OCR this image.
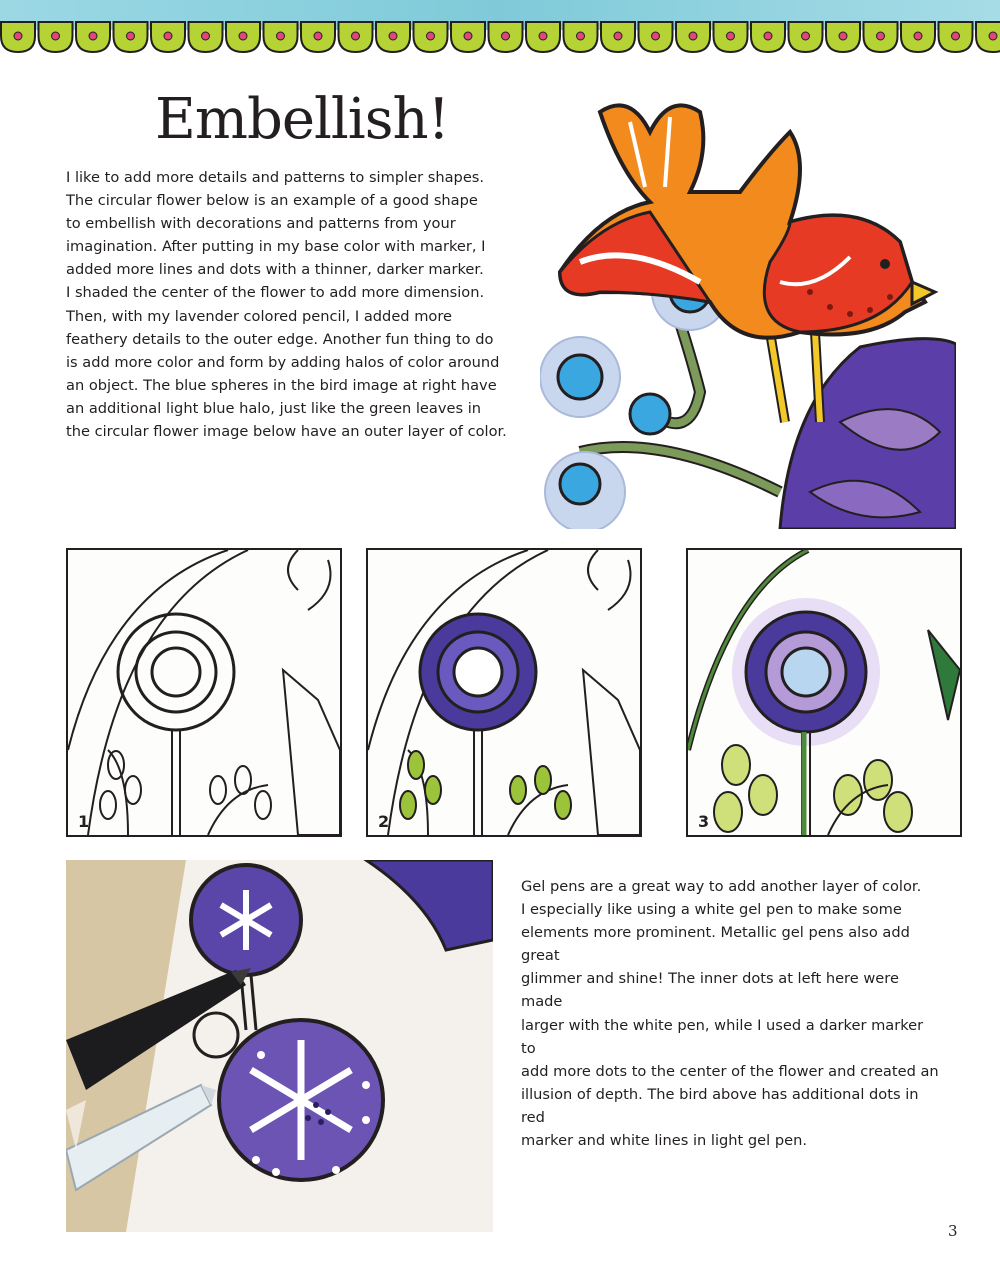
Embellish!

I like to add more details and patterns to simpler shapes.
The circular flower below is an example of a good shape
to embellish with decorations and patterns from your
imagination. After putting in my base color with marker, I
added more lines and dots with a thinner, darker marker.
I shaded the center of the flower to add more dimension.
Then, with my lavender colored pencil, I added more
feathery details to the outer edge. Another fun thing to do
is add more color and form by adding halos of color around
an object. The blue spheres in the bird image at right have
an additional light blue halo, just like the green leaves in
the circular flower image below have an outer layer of color.

1	2	3

Gel pens are a great way to add another layer of color.
I especially like using a white gel pen to make some
elements more prominent. Metallic gel pens also add great
glimmer and shine! The inner dots at left here were made
larger with the white pen, while I used a darker marker to
add more dots to the center of the flower and created an
illusion of depth. The bird above has additional dots in red
marker and white lines in light gel pen.

3
